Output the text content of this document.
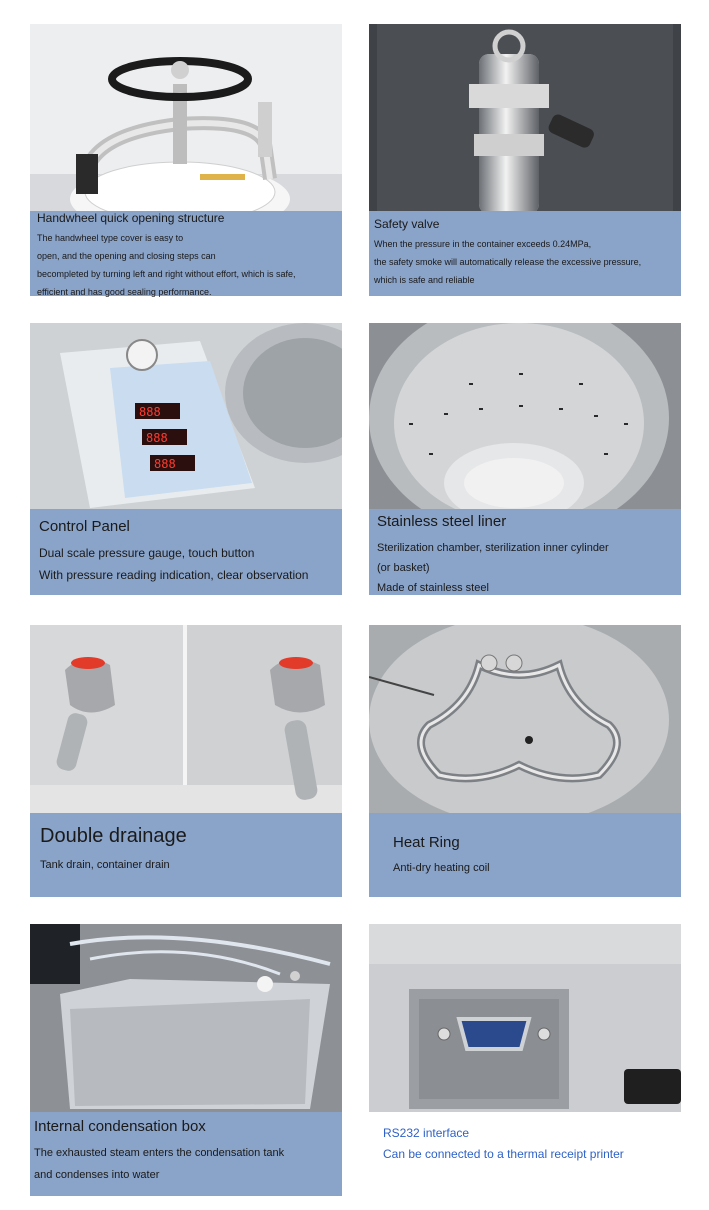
Handwheel quick opening structure
The handwheel type cover is easy to
open, and the opening and closing steps can
becompleted by turning left and right without effort, which is safe,
efficient and has good sealing performance.
Safety valve
When the pressure in the container exceeds 0.24MPa,
the safety smoke will automatically release the excessive pressure,
which is safe and reliable
888
888
888
Control Panel
Dual scale pressure gauge, touch button
With pressure reading indication, clear observation
Stainless steel liner
Sterilization chamber, sterilization inner cylinder
(or basket)
Made of stainless steel
Double drainage
Tank drain, container drain
Heat Ring
Anti-dry heating coil
Internal condensation box
The exhausted steam enters the condensation tank
and condenses into water
RS232 interface
Can be connected to a thermal receipt printer
